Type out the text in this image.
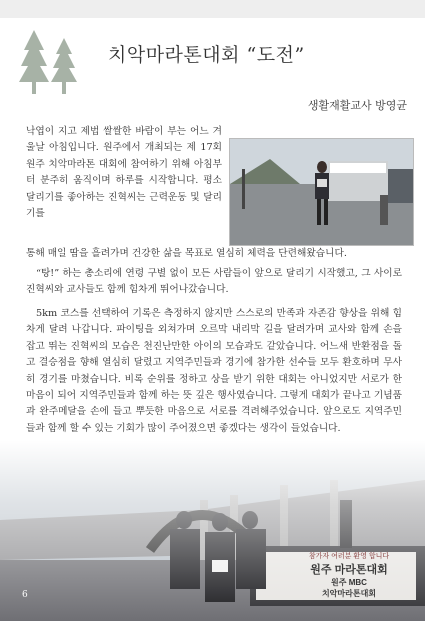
치악마라톤대회 “도전”
생활재활교사 방영균

낙엽이 지고 제법 쌀쌀한 바람이 부는 어느 겨울날 아침입니다. 원주에서 개최되는 제 17회 원주 치악마라톤 대회에 참여하기 위해 아침부터 분주히 움직이며 하루를 시작합니다. 평소 달리기를 좋아하는 진혁씨는 근력운동 및 달리기를

통해 매일 땀을 흘려가며 건강한 삶을 목표로 열심히 체력을 단련해왔습니다.

“탕!” 하는 총소리에 연령 구별 없이 모든 사람들이 앞으로 달리기 시작했고, 그 사이로 진혁씨와 교사들도 함께 힘차게 뛰어나갔습니다.

참가자 여러분 환영 합니다
원주 마라톤대회
원주 MBC
치악마라톤대회

5km 코스를 선택하여 기록은 측정하지 않지만 스스로의 만족과 자존감 향상을 위해 힘차게 달려 나갑니다. 파이팅을 외쳐가며 오르막 내리막 길을 달려가며 교사와 함께 손을 잡고 뛰는 진혁씨의 모습은 천진난만한 아이의 모습과도 같았습니다. 어느새 반환점을 돌고 결승점을 향해 열심히 달렸고 지역주민들과 경기에 참가한 선수들 모두 환호하며 무사히 경기를 마쳤습니다. 비록 순위를 정하고 상을 받기 위한 대회는 아니었지만 서로가 한마음이 되어 지역주민들과 함께 하는 뜻 깊은 행사였습니다. 그렇게 대회가 끝나고 기념품과 완주메달을 손에 들고 뿌듯한 마음으로 서로를 격려해주었습니다. 앞으로도 지역주민들과 함께 할 수 있는 기회가 많이 주어졌으면 좋겠다는 생각이 들었습니다.

6
